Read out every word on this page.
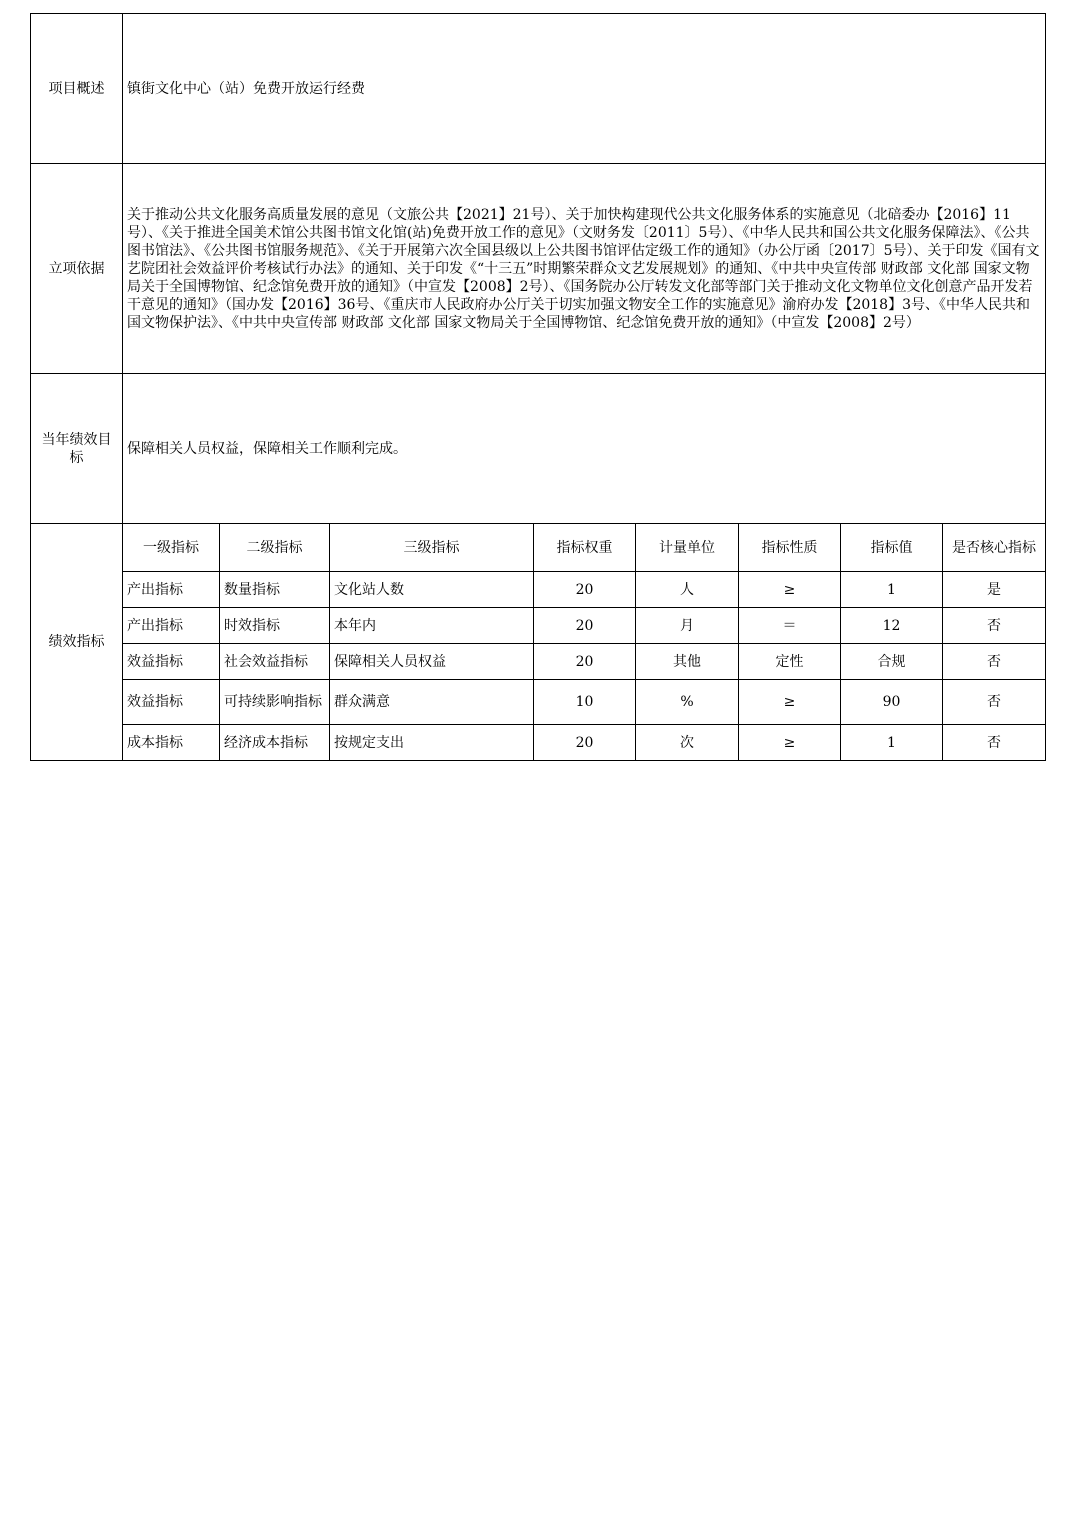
项目概述	镇街文化中心（站）免费开放运行经费							
立项依据	关于推动公共文化服务高质量发展的意见（文旅公共【2021】21号）、关于加快构建现代公共文化服务体系的实施意见（北碚委办【2016】11号）、《关于推进全国美术馆公共图书馆文化馆(站)免费开放工作的意见》（文财务发〔2011〕5号）、《中华人民共和国公共文化服务保障法》、《公共图书馆法》、《公共图书馆服务规范》、《关于开展第六次全国县级以上公共图书馆评估定级工作的通知》（办公厅函〔2017〕5号）、关于印发《国有文艺院团社会效益评价考核试行办法》的通知、关于印发《“十三五”时期繁荣群众文艺发展规划》的通知、《中共中央宣传部 财政部 文化部 国家文物局关于全国博物馆、纪念馆免费开放的通知》（中宣发【2008】2号）、《国务院办公厅转发文化部等部门关于推动文化文物单位文化创意产品开发若干意见的通知》（国办发【2016】36号、《重庆市人民政府办公厅关于切实加强文物安全工作的实施意见》渝府办发【2018】3号、《中华人民共和国文物保护法》、《中共中央宣传部 财政部 文化部 国家文物局关于全国博物馆、纪念馆免费开放的通知》（中宣发【2008】2号）							
当年绩效目标	保障相关人员权益，保障相关工作顺利完成。							
绩效指标	一级指标	二级指标	三级指标	指标权重	计量单位	指标性质	指标值	是否核心指标
	产出指标	数量指标	文化站人数	20	人	≥	1	是
	产出指标	时效指标	本年内	20	月	＝	12	否
	效益指标	社会效益指标	保障相关人员权益	20	其他	定性	合规	否
	效益指标	可持续影响指标	群众满意	10	%	≥	90	否
	成本指标	经济成本指标	按规定支出	20	次	≥	1	否
